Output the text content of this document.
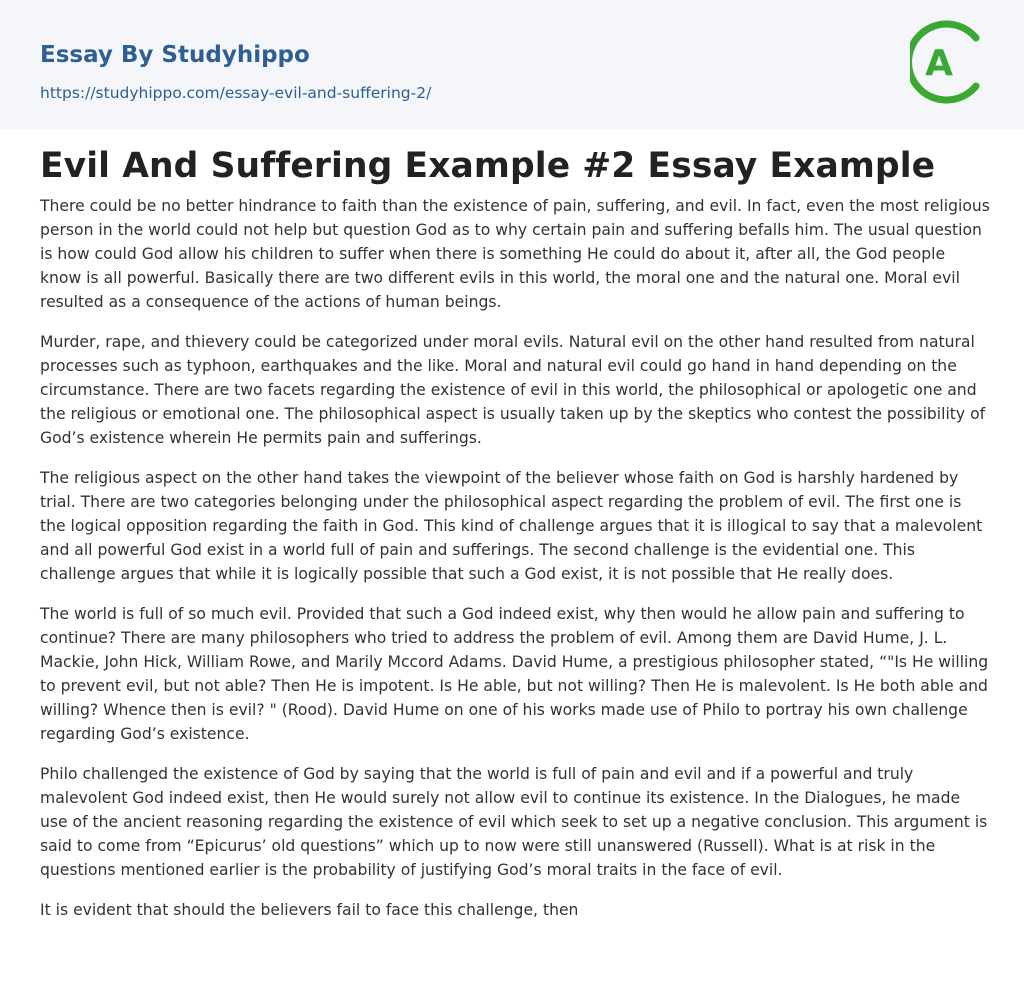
Essay By Studyhippo
https://studyhippo.com/essay-evil-and-suffering-2/
A
Evil And Suffering Example #2 Essay Example

There could be no better hindrance to faith than the existence of pain, suffering, and evil. In fact, even the most religious person in the world could not help but question God as to why certain pain and suffering befalls him. The usual question is how could God allow his children to suffer when there is something He could do about it, after all, the God people know is all powerful. Basically there are two different evils in this world, the moral one and the natural one. Moral evil resulted as a consequence of the actions of human beings.

Murder, rape, and thievery could be categorized under moral evils. Natural evil on the other hand resulted from natural processes such as typhoon, earthquakes and the like. Moral and natural evil could go hand in hand depending on the circumstance. There are two facets regarding the existence of evil in this world, the philosophical or apologetic one and the religious or emotional one. The philosophical aspect is usually taken up by the skeptics who contest the possibility of God’s existence wherein He permits pain and sufferings.

The religious aspect on the other hand takes the viewpoint of the believer whose faith on God is harshly hardened by trial. There are two categories belonging under the philosophical aspect regarding the problem of evil. The first one is the logical opposition regarding the faith in God. This kind of challenge argues that it is illogical to say that a malevolent and all powerful God exist in a world full of pain and sufferings. The second challenge is the evidential one. This challenge argues that while it is logically possible that such a God exist, it is not possible that He really does.

The world is full of so much evil. Provided that such a God indeed exist, why then would he allow pain and suffering to continue? There are many philosophers who tried to address the problem of evil. Among them are David Hume, J. L. Mackie, John Hick, William Rowe, and Marily Mccord Adams. David Hume, a prestigious philosopher stated, “"Is He willing to prevent evil, but not able? Then He is impotent. Is He able, but not willing? Then He is malevolent. Is He both able and willing? Whence then is evil? " (Rood). David Hume on one of his works made use of Philo to portray his own challenge regarding God’s existence.

Philo challenged the existence of God by saying that the world is full of pain and evil and if a powerful and truly malevolent God indeed exist, then He would surely not allow evil to continue its existence. In the Dialogues, he made use of the ancient reasoning regarding the existence of evil which seek to set up a negative conclusion. This argument is said to come from “Epicurus’ old questions” which up to now were still unanswered (Russell). What is at risk in the questions mentioned earlier is the probability of justifying God’s moral traits in the face of evil.

It is evident that should the believers fail to face this challenge, then
